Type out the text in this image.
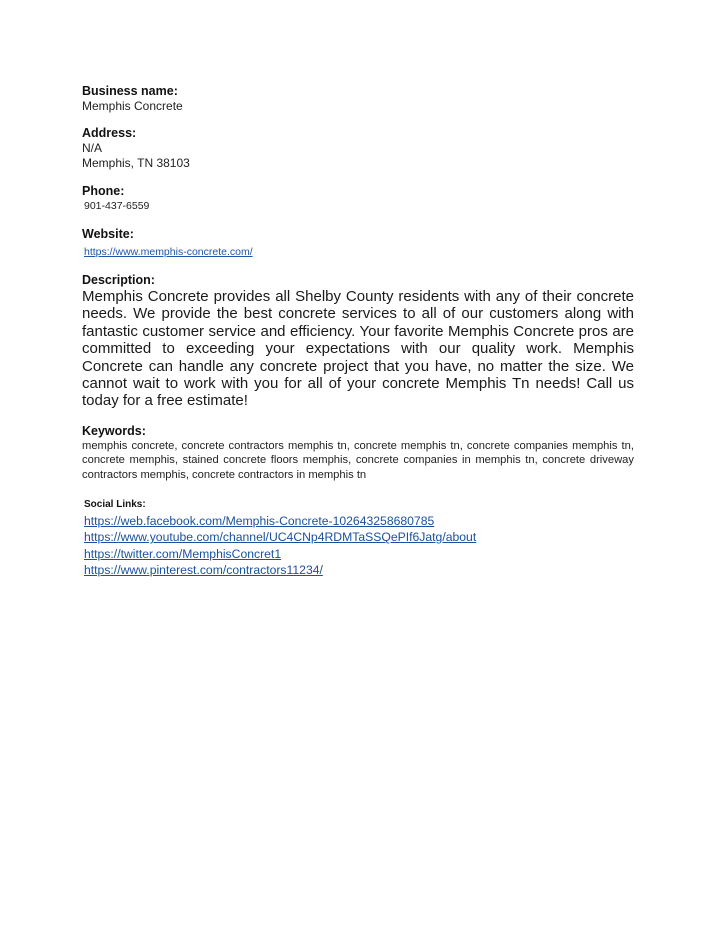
Business name:
Memphis Concrete
Address:
N/A
Memphis, TN 38103
Phone:
901-437-6559
Website:
https://www.memphis-concrete.com/
Description:

Memphis Concrete provides all Shelby County residents with any of their concrete needs. We provide the best concrete services to all of our customers along with fantastic customer service and efficiency. Your favorite Memphis Concrete pros are committed to exceeding your expectations with our quality work. Memphis Concrete can handle any concrete project that you have, no matter the size. We cannot wait to work with you for all of your concrete Memphis Tn needs! Call us today for a free estimate!

Keywords:

memphis concrete, concrete contractors memphis tn, concrete memphis tn, concrete companies memphis tn, concrete memphis, stained concrete floors memphis, concrete companies in memphis tn, concrete driveway contractors memphis, concrete contractors in memphis tn

Social Links:
https://web.facebook.com/Memphis-Concrete-102643258680785
https://www.youtube.com/channel/UC4CNp4RDMTaSSQePIf6Jatg/about
https://twitter.com/MemphisConcret1
https://www.pinterest.com/contractors11234/
